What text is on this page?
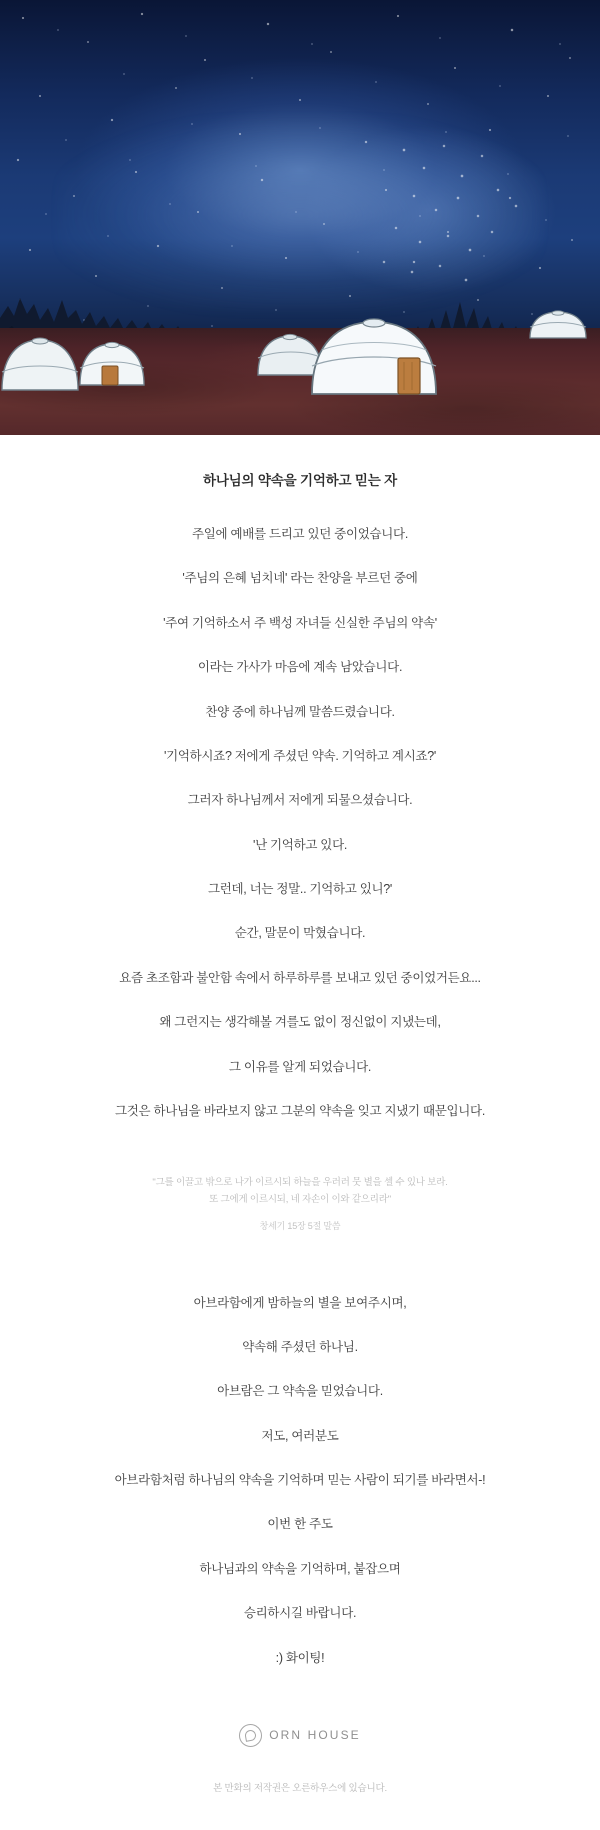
하나님의 약속을 기억하고 믿는 자

주일에 예배를 드리고 있던 중이었습니다.

'주님의 은혜 넘치네' 라는 찬양을 부르던 중에

'주여 기억하소서 주 백성 자녀들 신실한 주님의 약속'

이라는 가사가 마음에 계속 남았습니다.

찬양 중에 하나님께 말씀드렸습니다.

'기억하시죠? 저에게 주셨던 약속. 기억하고 계시죠?'

그러자 하나님께서 저에게 되물으셨습니다.

'난 기억하고 있다.

그런데, 너는 정말.. 기억하고 있니?'

순간, 말문이 막혔습니다.

요즘 초조함과 불안함 속에서 하루하루를 보내고 있던 중이었거든요...

왜 그런지는 생각해볼 겨를도 없이 정신없이 지냈는데,

그 이유를 알게 되었습니다.

그것은 하나님을 바라보지 않고 그분의 약속을 잊고 지냈기 때문입니다.

"그를 이끌고 밖으로 나가 이르시되 하늘을 우러러 뭇 별을 셀 수 있나 보라.

또 그에게 이르시되, 네 자손이 이와 같으리라"

창세기 15장 5절 말씀

아브라함에게 밤하늘의 별을 보여주시며,

약속해 주셨던 하나님.

아브람은 그 약속을 믿었습니다.

저도, 여러분도

아브라함처럼 하나님의 약속을 기억하며 믿는 사람이 되기를 바라면서-!

이번 한 주도

하나님과의 약속을 기억하며, 붙잡으며

승리하시길 바랍니다.

:) 화이팅!

ORN HOUSE
본 만화의 저작권은 오른하우스에 있습니다.
